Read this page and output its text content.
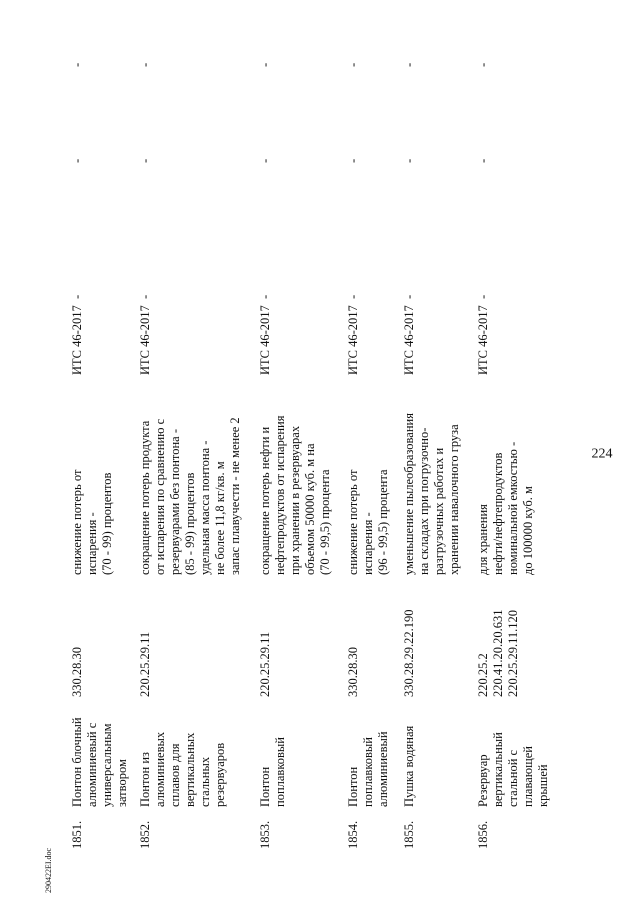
224
290422EI.doc
1851.
Понтон блочный
алюминиевый с
универсальным
затвором
330.28.30
снижение потерь от
испарения -
(70 - 99) процентов
ИТС 46-2017
-
-
-
1852.
Понтон из
алюминиевых
сплавов для
вертикальных
стальных
резервуаров
220.25.29.11
сокращение потерь продукта
от испарения по сравнению с
резервуарами без понтона -
(85 - 99) процентов
удельная масса понтона -
не более 11,8 кг/кв. м
запас плавучести - не менее 2
ИТС 46-2017
-
-
-
1853.
Понтон
поплавковый
220.25.29.11
сокращение потерь нефти и
нефтепродуктов от испарения
при хранении в резервуарах
объемом 50000 куб. м на
(70 - 99,5) процента
ИТС 46-2017
-
-
-
1854.
Понтон
поплавковый
алюминиевый
330.28.30
снижение потерь от
испарения -
(96 - 99,5) процента
ИТС 46-2017
-
-
-
1855.
Пушка водяная
330.28.29.22.190
уменьшение пылеобразования
на складах при погрузочно-
разгрузочных работах и
хранении навалочного груза
ИТС 46-2017
-
-
-
1856.
Резервуар
вертикальный
стальной с
плавающей
крышей
220.25.2
220.41.20.20.631
220.25.29.11.120
для хранения
нефти/нефтепродуктов
номинальной емкостью -
до 100000 куб. м
ИТС 46-2017
-
-
-
